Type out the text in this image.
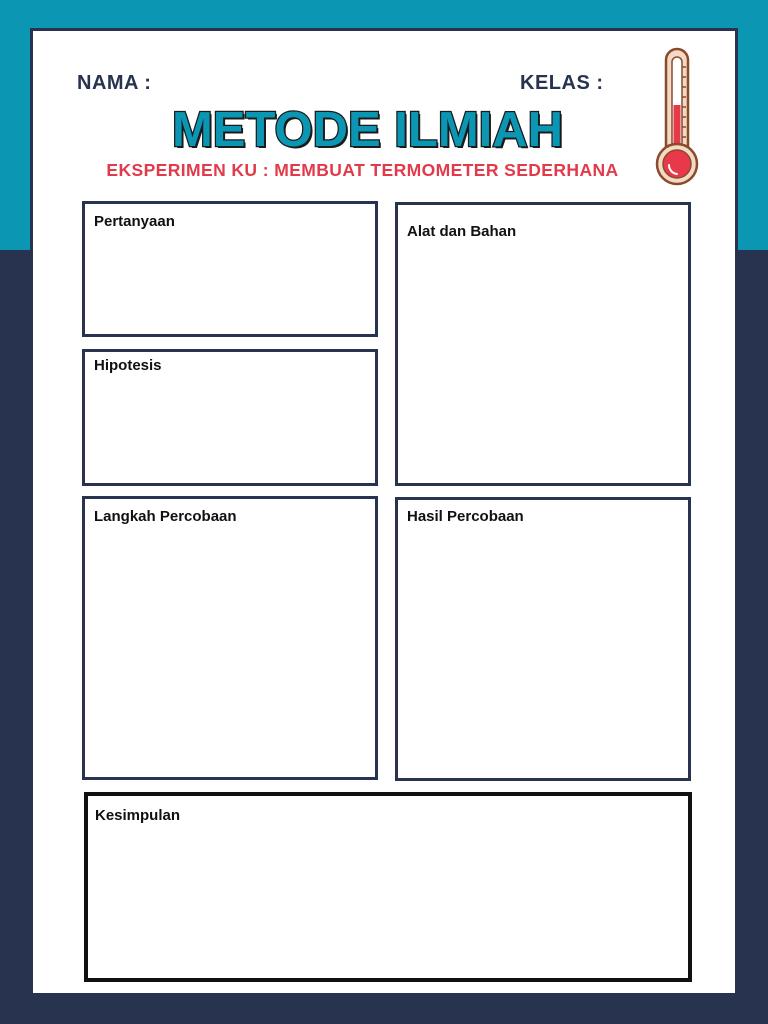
NAMA :	KELAS :
METODE ILMIAH
EKSPERIMEN KU : MEMBUAT TERMOMETER SEDERHANA
Pertanyaan
Hipotesis
Alat dan Bahan
Langkah Percobaan	Hasil Percobaan
Kesimpulan
